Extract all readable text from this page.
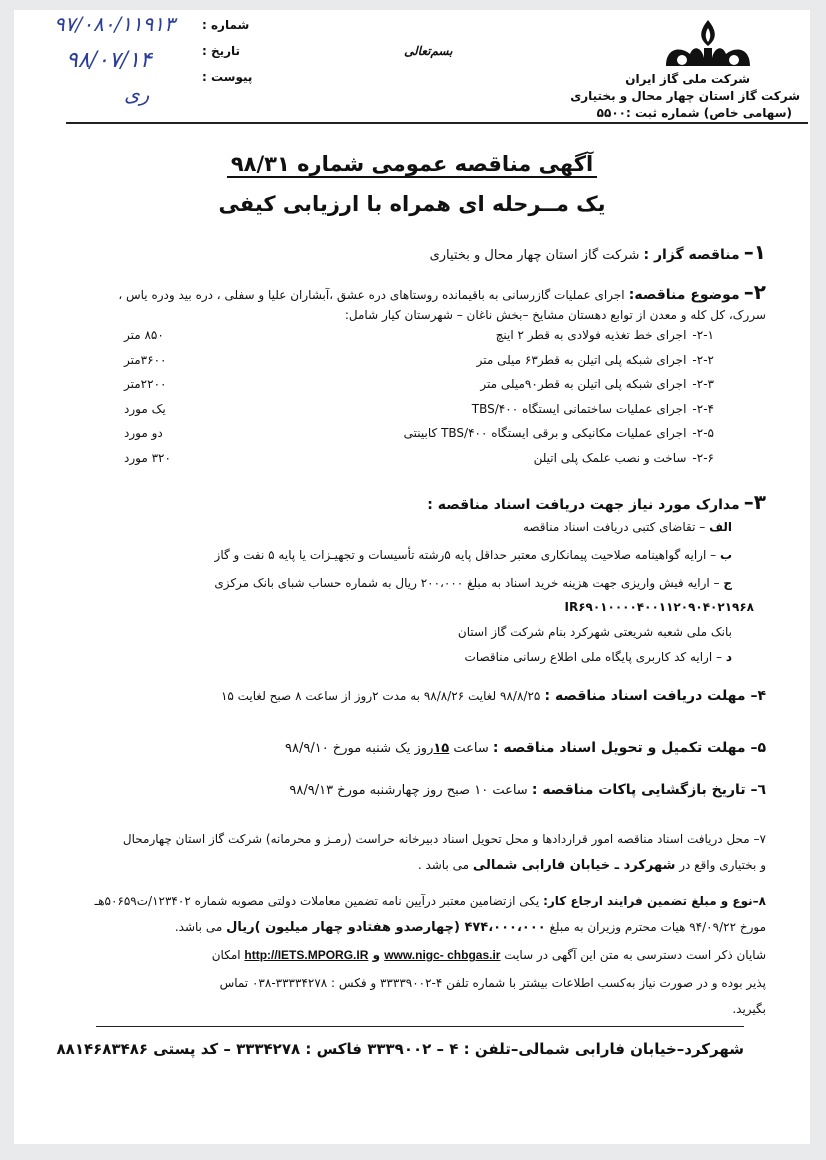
شماره :
تاریخ :
پیوست :
۹۷/۰۸۰/۱۱۹۱۳
۹۸/۰۷/۱۴
ری
بسم‌تعالی
شرکت ملی گاز ایران
شرکت گاز استان چهار محال و بختیاری
(سهامی خاص) شماره ثبت :۵۵۰۰
آگهی مناقصه عمومی شماره ۹۸/۳۱
یک مــرحله ای همراه با ارزیابی کیفی
۱– مناقصه گزار : شرکت گاز استان چهار محال و بختیاری
۲– موضوع مناقصه: اجرای عملیات گازرسانی به باقیمانده روستاهای دره عشق ،آبشاران علیا و سفلی ، دره بید ودره یاس ،
سررک، کل کله و معدن از توابع دهستان مشایخ –بخش ناغان – شهرستان کیار شامل:
۲-۱-اجرای خط تغذیه فولادی به قطر ۲ اینچ
۸۵۰ متر
۲-۲-اجرای شبکه پلی اتیلن به قطر۶۳ میلی متر
۳۶۰۰متر
۲-۳-اجرای شبکه پلی اتیلن به قطر۹۰میلی متر
۲۲۰۰متر
۲-۴-اجرای عملیات ساختمانی ایستگاه TBS/۴۰۰
یک مورد
۲-۵-اجرای عملیات مکانیکی و برقی ایستگاه TBS/۴۰۰ کابینتی
دو مورد
۲-۶-ساخت و نصب علمک پلی اتیلن
۳۲۰ مورد
۳– مدارک مورد نیاز جهت دریافت اسناد مناقصه :
الف – تقاضای کتبی دریافت اسناد مناقصه
ب – ارایه گواهینامه صلاحیت پیمانکاری معتبر حداقل پایه ۵رشته تأسیسات و تجهیـزات یا پایه ۵ نفت و گاز
ج – ارایه فیش واریزی جهت هزینه خرید اسناد به مبلغ ۲۰۰،۰۰۰ ریال به شماره حساب شبای بانک مرکزی
IR۶۹۰۱۰۰۰۰۴۰۰۱۱۲۰۹۰۴۰۲۱۹۶۸
بانک ملی شعبه شریعتی شهرکرد بنام شرکت گاز استان
د – ارایه کد کاربری پایگاه ملی اطلاع رسانی مناقصات
۴– مهلت دریافت اسناد مناقصه : ۹۸/۸/۲۵ لغایت ۹۸/۸/۲۶ به مدت ۲روز از ساعت ۸ صبح لغایت ۱۵
۵– مهلت تکمیل و تحویل اسناد مناقصه : ساعت ۱۵روز یک شنبه مورخ ۹۸/۹/۱۰
٦– تاریخ بازگشایی پاکات مناقصه : ساعت ۱۰ صبح روز چهارشنبه مورخ ۹۸/۹/۱۳
۷– محل دریافت اسناد مناقصه امور قراردادها و محل تحویل اسناد دبیرخانه حراست (رمـز و محرمانه) شرکت گاز استان چهارمحال
و بختیاری واقع در شهرکرد ـ خیابان فارابی شمالی می باشد .
۸–نوع و مبلغ تضمین فرایند ارجاع کار: یکی ازتضامین معتبر درآیین نامه تضمین معاملات دولتی مصوبه شماره ۱۲۳۴۰۲/ت۵۰۶۵۹هـ
مورخ ۹۴/۰۹/۲۲ هیات محترم وزیران به مبلغ ۴۷۴،۰۰۰،۰۰۰ (چهارصدو هفتادو چهار میلیون )ریال می باشد.
شایان ذکر است دسترسی به متن این آگهی در سایت www.nigc- chbgas.ir و http://IETS.MPORG.IR امکان
پذیر بوده و در صورت نیاز به‌کسب اطلاعات بیشتر با شماره تلفن ۴-۳۳۳۳۹۰۰۲ و فکس : ۳۳۳۳۴۲۷۸-۰۳۸ تماس
بگیرید.
شهرکرد–خیابان فارابی شمالی–تلفن : ۴ – ۳۳۳۹۰۰۲ فاکس : ۳۳۳۴۲۷۸ – کد پستی ۸۸۱۴۶۸۳۴۸۶
